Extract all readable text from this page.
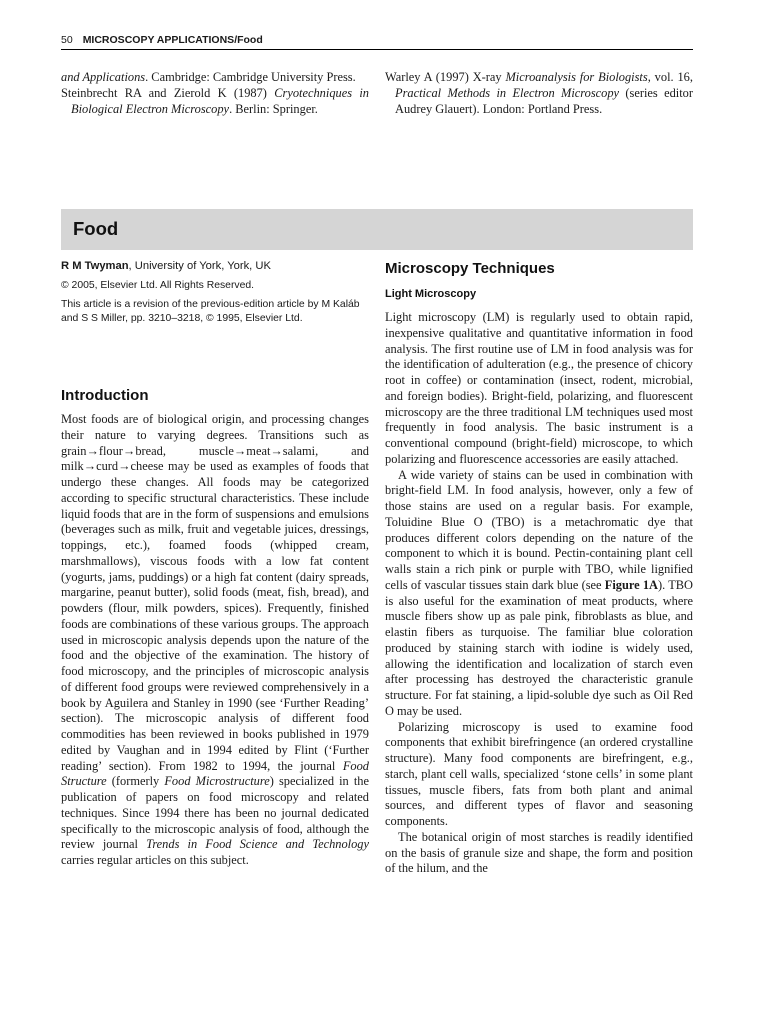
50 MICROSCOPY APPLICATIONS/Food

and Applications. Cambridge: Cambridge University Press.

Steinbrecht RA and Zierold K (1987) Cryotechniques in Biological Electron Microscopy. Berlin: Springer.

Warley A (1997) X-ray Microanalysis for Biologists, vol. 16, Practical Methods in Electron Microscopy (series editor Audrey Glauert). London: Portland Press.

Food
R M Twyman, University of York, York, UK
© 2005, Elsevier Ltd. All Rights Reserved.
This article is a revision of the previous-edition article by M Kaláb and S S Miller, pp. 3210–3218, © 1995, Elsevier Ltd.
Introduction

Most foods are of biological origin, and processing changes their nature to varying degrees. Transitions such as grain→flour→bread, muscle→meat→salami, and milk→curd→cheese may be used as examples of foods that undergo these changes. All foods may be categorized according to specific structural characteristics. These include liquid foods that are in the form of suspensions and emulsions (beverages such as milk, fruit and vegetable juices, dressings, toppings, etc.), foamed foods (whipped cream, marshmallows), viscous foods with a low fat content (yogurts, jams, puddings) or a high fat content (dairy spreads, margarine, peanut butter), solid foods (meat, fish, bread), and powders (flour, milk powders, spices). Frequently, finished foods are combinations of these various groups. The approach used in microscopic analysis depends upon the nature of the food and the objective of the examination. The history of food microscopy, and the principles of microscopic analysis of different food groups were reviewed comprehensively in a book by Aguilera and Stanley in 1990 (see ‘Further Reading’ section). The microscopic analysis of different food commodities has been reviewed in books published in 1979 edited by Vaughan and in 1994 edited by Flint (‘Further reading’ section). From 1982 to 1994, the journal Food Structure (formerly Food Microstructure) specialized in the publication of papers on food microscopy and related techniques. Since 1994 there has been no journal dedicated specifically to the microscopic analysis of food, although the review journal Trends in Food Science and Technology carries regular articles on this subject.

Microscopy Techniques
Light Microscopy

Light microscopy (LM) is regularly used to obtain rapid, inexpensive qualitative and quantitative information in food analysis. The first routine use of LM in food analysis was for the identification of adulteration (e.g., the presence of chicory root in coffee) or contamination (insect, rodent, microbial, and foreign bodies). Bright-field, polarizing, and fluorescent microscopy are the three traditional LM techniques used most frequently in food analysis. The basic instrument is a conventional compound (bright-field) microscope, to which polarizing and fluorescence accessories are easily attached.

A wide variety of stains can be used in combination with bright-field LM. In food analysis, however, only a few of those stains are used on a regular basis. For example, Toluidine Blue O (TBO) is a metachromatic dye that produces different colors depending on the nature of the component to which it is bound. Pectin-containing plant cell walls stain a rich pink or purple with TBO, while lignified cells of vascular tissues stain dark blue (see Figure 1A). TBO is also useful for the examination of meat products, where muscle fibers show up as pale pink, fibroblasts as blue, and elastin fibers as turquoise. The familiar blue coloration produced by staining starch with iodine is widely used, allowing the identification and localization of starch even after processing has destroyed the characteristic granule structure. For fat staining, a lipid-soluble dye such as Oil Red O may be used.

Polarizing microscopy is used to examine food components that exhibit birefringence (an ordered crystalline structure). Many food components are birefringent, e.g., starch, plant cell walls, specialized ‘stone cells’ in some plant tissues, muscle fibers, fats from both plant and animal sources, and different types of flavor and seasoning components.

The botanical origin of most starches is readily identified on the basis of granule size and shape, the form and position of the hilum, and the
